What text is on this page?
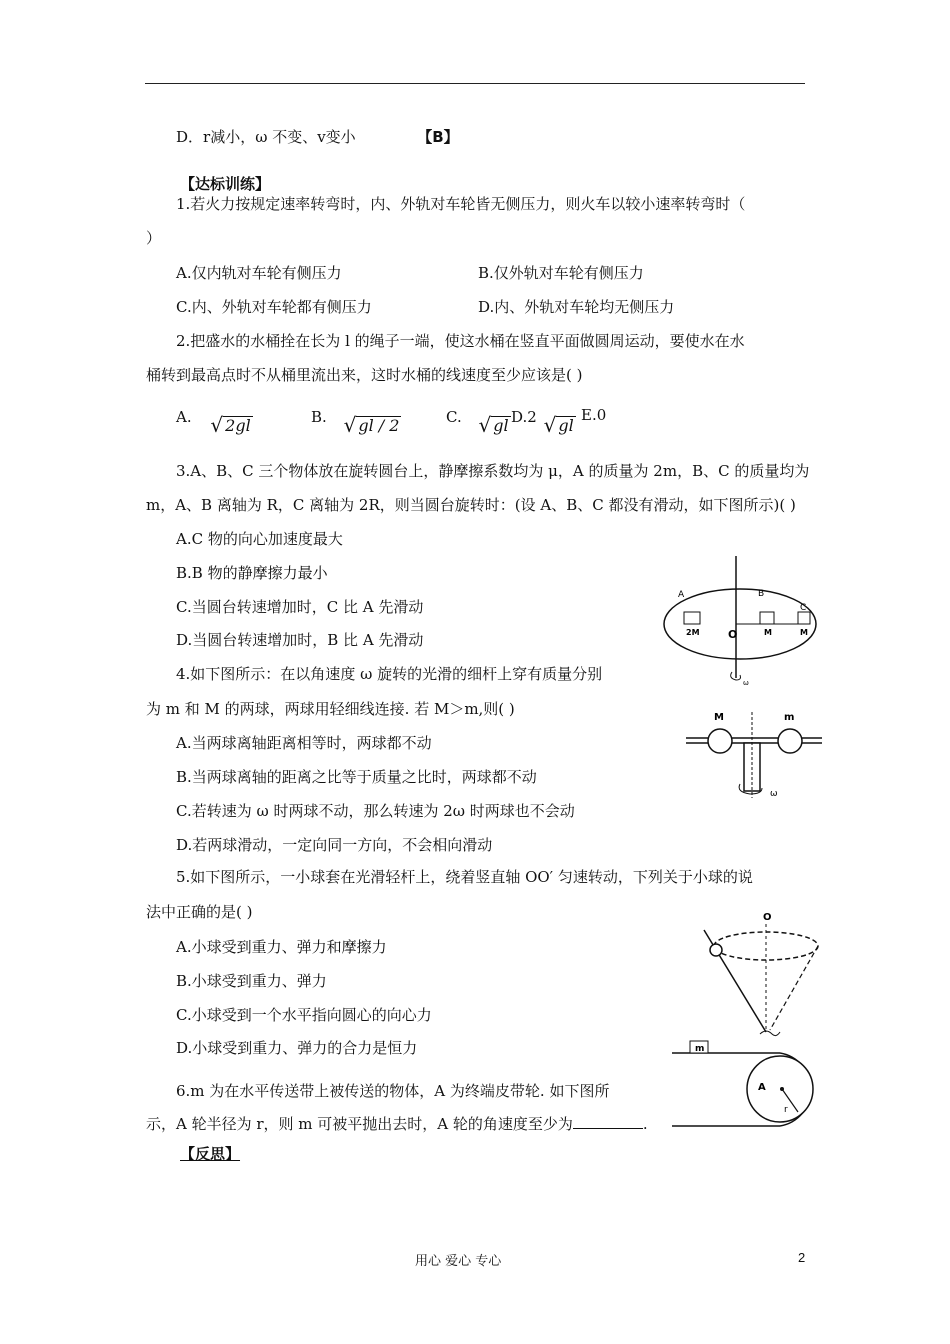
D．r减小，ω 不变、v变小	【B】
【达标训练】
1.若火力按规定速率转弯时，内、外轨对车轮皆无侧压力，则火车以较小速率转弯时（
）
A.仅内轨对车轮有侧压力	B.仅外轨对车轮有侧压力
C.内、外轨对车轮都有侧压力	D.内、外轨对车轮均无侧压力
2.把盛水的水桶拴在长为 l 的绳子一端，使这水桶在竖直平面做圆周运动，要使水在水
桶转到最高点时不从桶里流出来，这时水桶的线速度至少应该是( )
A. √ 2gl	B. √ gl / 2	C. √ gl D.2 √ gl
E.0
3.A、B、C 三个物体放在旋转圆台上，静摩擦系数均为 μ，A 的质量为 2m，B、C 的质量均为
m，A、B 离轴为 R，C 离轴为 2R，则当圆台旋转时：(设 A、B、C 都没有滑动，如下图所示)( )
A.C 物的向心加速度最大
B.B 物的静摩擦力最小
C.当圆台转速增加时，C 比 A 先滑动
D.当圆台转速增加时，B 比 A 先滑动
A	B
C
2M	M	M
O
ω
4.如下图所示：在以角速度 ω 旋转的光滑的细杆上穿有质量分别
为 m 和 M 的两球，两球用轻细线连接. 若 M＞m,则( )
A.当两球离轴距离相等时，两球都不动
B.当两球离轴的距离之比等于质量之比时，两球都不动
C.若转速为 ω 时两球不动，那么转速为 2ω 时两球也不会动
D.若两球滑动，一定向同一方向，不会相向滑动
M	m
ω
5.如下图所示，一小球套在光滑轻杆上，绕着竖直轴 OO′ 匀速转动，下列关于小球的说
法中正确的是( )
A.小球受到重力、弹力和摩擦力
B.小球受到重力、弹力
C.小球受到一个水平指向圆心的向心力
D.小球受到重力、弹力的合力是恒力
O
6.m 为在水平传送带上被传送的物体，A 为终端皮带轮. 如下图所
示，A 轮半径为 r，则 m 可被平抛出去时，A 轮的角速度至少为	.
m
A
r
【反思】
用心 爱心 专心	2
